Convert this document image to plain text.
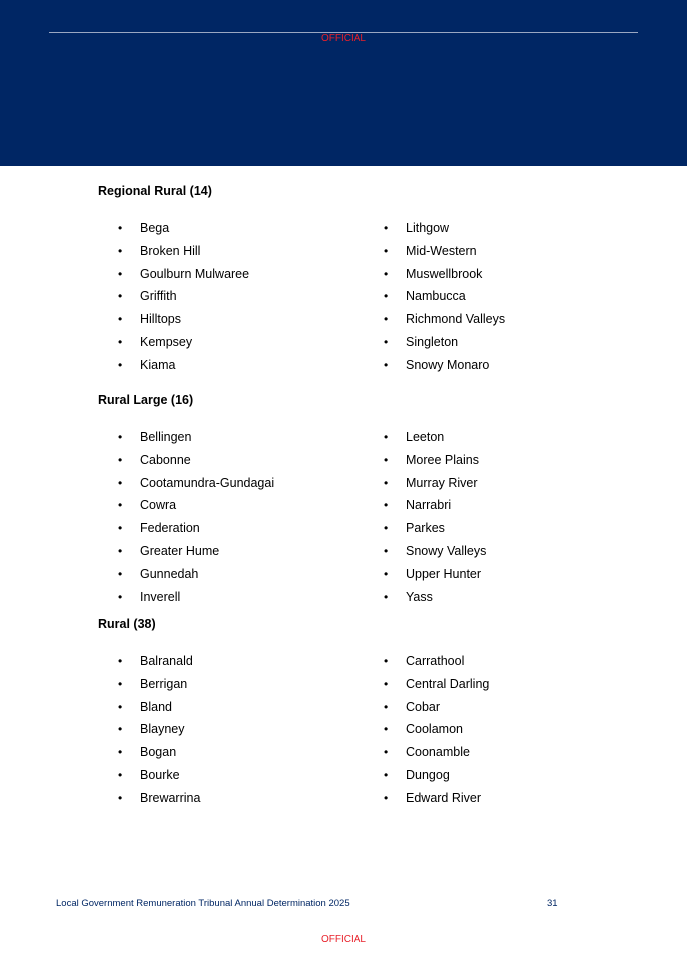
OFFICIAL
Regional Rural (14)
• Bega
• Broken Hill
• Goulburn Mulwaree
• Griffith
• Hilltops
• Kempsey
• Kiama
• Lithgow
• Mid-Western
• Muswellbrook
• Nambucca
• Richmond Valleys
• Singleton
• Snowy Monaro
Rural Large (16)
• Bellingen
• Cabonne
• Cootamundra-Gundagai
• Cowra
• Federation
• Greater Hume
• Gunnedah
• Inverell
• Leeton
• Moree Plains
• Murray River
• Narrabri
• Parkes
• Snowy Valleys
• Upper Hunter
• Yass
Rural (38)
• Balranald
• Berrigan
• Bland
• Blayney
• Bogan
• Bourke
• Brewarrina
• Carrathool
• Central Darling
• Cobar
• Coolamon
• Coonamble
• Dungog
• Edward River
Local Government Remuneration Tribunal Annual Determination 2025	31
OFFICIAL
